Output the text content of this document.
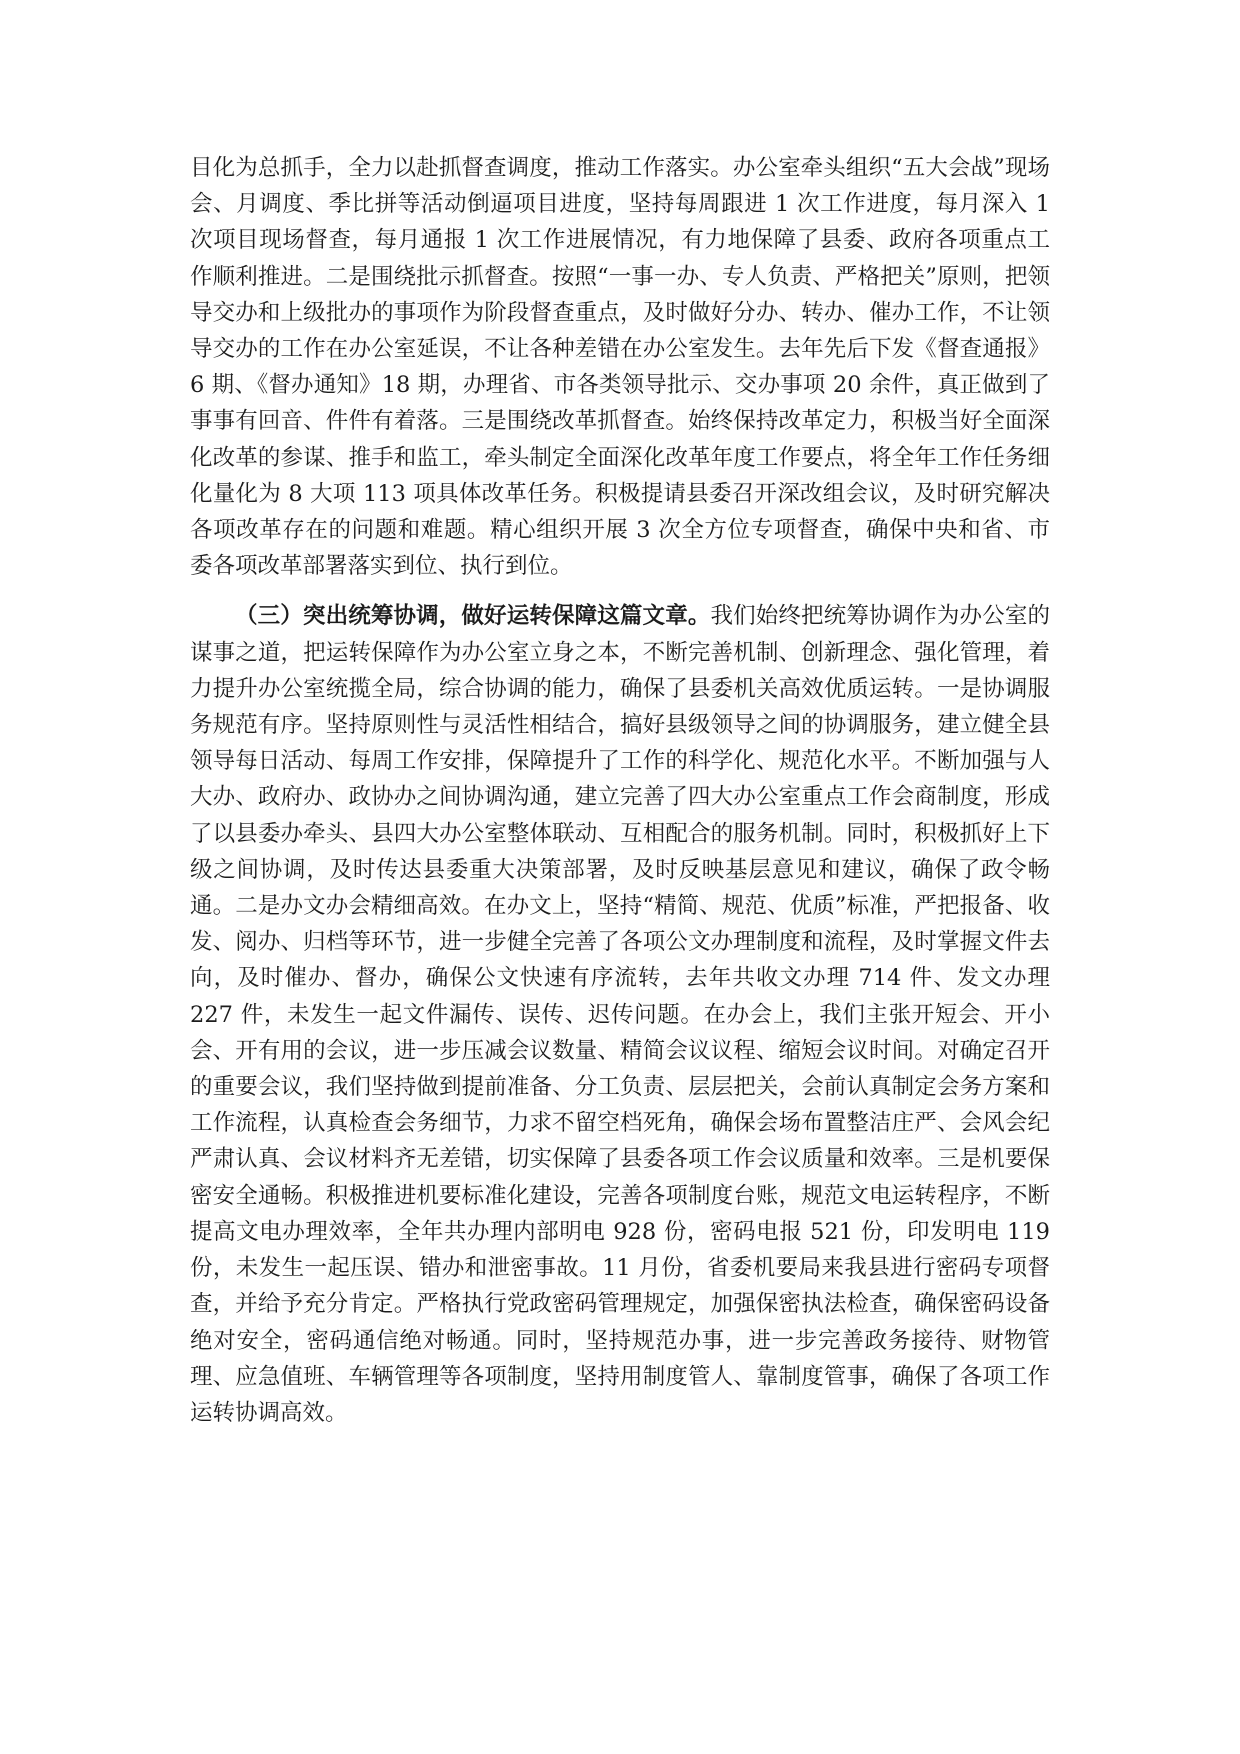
目化为总抓手，全力以赴抓督查调度，推动工作落实。办公室牵头组织“五大会战”现场会、月调度、季比拼等活动倒逼项目进度，坚持每周跟进 1 次工作进度，每月深入 1 次项目现场督查，每月通报 1 次工作进展情况，有力地保障了县委、政府各项重点工作顺利推进。二是围绕批示抓督查。按照“一事一办、专人负责、严格把关”原则，把领导交办和上级批办的事项作为阶段督查重点，及时做好分办、转办、催办工作，不让领导交办的工作在办公室延误，不让各种差错在办公室发生。去年先后下发《督查通报》6 期、《督办通知》18 期，办理省、市各类领导批示、交办事项 20 余件，真正做到了事事有回音、件件有着落。三是围绕改革抓督查。始终保持改革定力，积极当好全面深化改革的参谋、推手和监工，牵头制定全面深化改革年度工作要点，将全年工作任务细化量化为 8 大项 113 项具体改革任务。积极提请县委召开深改组会议，及时研究解决各项改革存在的问题和难题。精心组织开展 3 次全方位专项督查，确保中央和省、市委各项改革部署落实到位、执行到位。

（三）突出统筹协调，做好运转保障这篇文章。我们始终把统筹协调作为办公室的谋事之道，把运转保障作为办公室立身之本，不断完善机制、创新理念、强化管理，着力提升办公室统揽全局，综合协调的能力，确保了县委机关高效优质运转。一是协调服务规范有序。坚持原则性与灵活性相结合，搞好县级领导之间的协调服务，建立健全县领导每日活动、每周工作安排，保障提升了工作的科学化、规范化水平。不断加强与人大办、政府办、政协办之间协调沟通，建立完善了四大办公室重点工作会商制度，形成了以县委办牵头、县四大办公室整体联动、互相配合的服务机制。同时，积极抓好上下级之间协调，及时传达县委重大决策部署，及时反映基层意见和建议，确保了政令畅通。二是办文办会精细高效。在办文上，坚持“精简、规范、优质”标准，严把报备、收发、阅办、归档等环节，进一步健全完善了各项公文办理制度和流程，及时掌握文件去向，及时催办、督办，确保公文快速有序流转，去年共收文办理 714 件、发文办理 227 件，未发生一起文件漏传、误传、迟传问题。在办会上，我们主张开短会、开小会、开有用的会议，进一步压减会议数量、精简会议议程、缩短会议时间。对确定召开的重要会议，我们坚持做到提前准备、分工负责、层层把关，会前认真制定会务方案和工作流程，认真检查会务细节，力求不留空档死角，确保会场布置整洁庄严、会风会纪严肃认真、会议材料齐无差错，切实保障了县委各项工作会议质量和效率。三是机要保密安全通畅。积极推进机要标准化建设，完善各项制度台账，规范文电运转程序，不断提高文电办理效率，全年共办理内部明电 928 份，密码电报 521 份，印发明电 119 份，未发生一起压误、错办和泄密事故。11 月份，省委机要局来我县进行密码专项督查，并给予充分肯定。严格执行党政密码管理规定，加强保密执法检查，确保密码设备绝对安全，密码通信绝对畅通。同时，坚持规范办事，进一步完善政务接待、财物管理、应急值班、车辆管理等各项制度，坚持用制度管人、靠制度管事，确保了各项工作运转协调高效。
